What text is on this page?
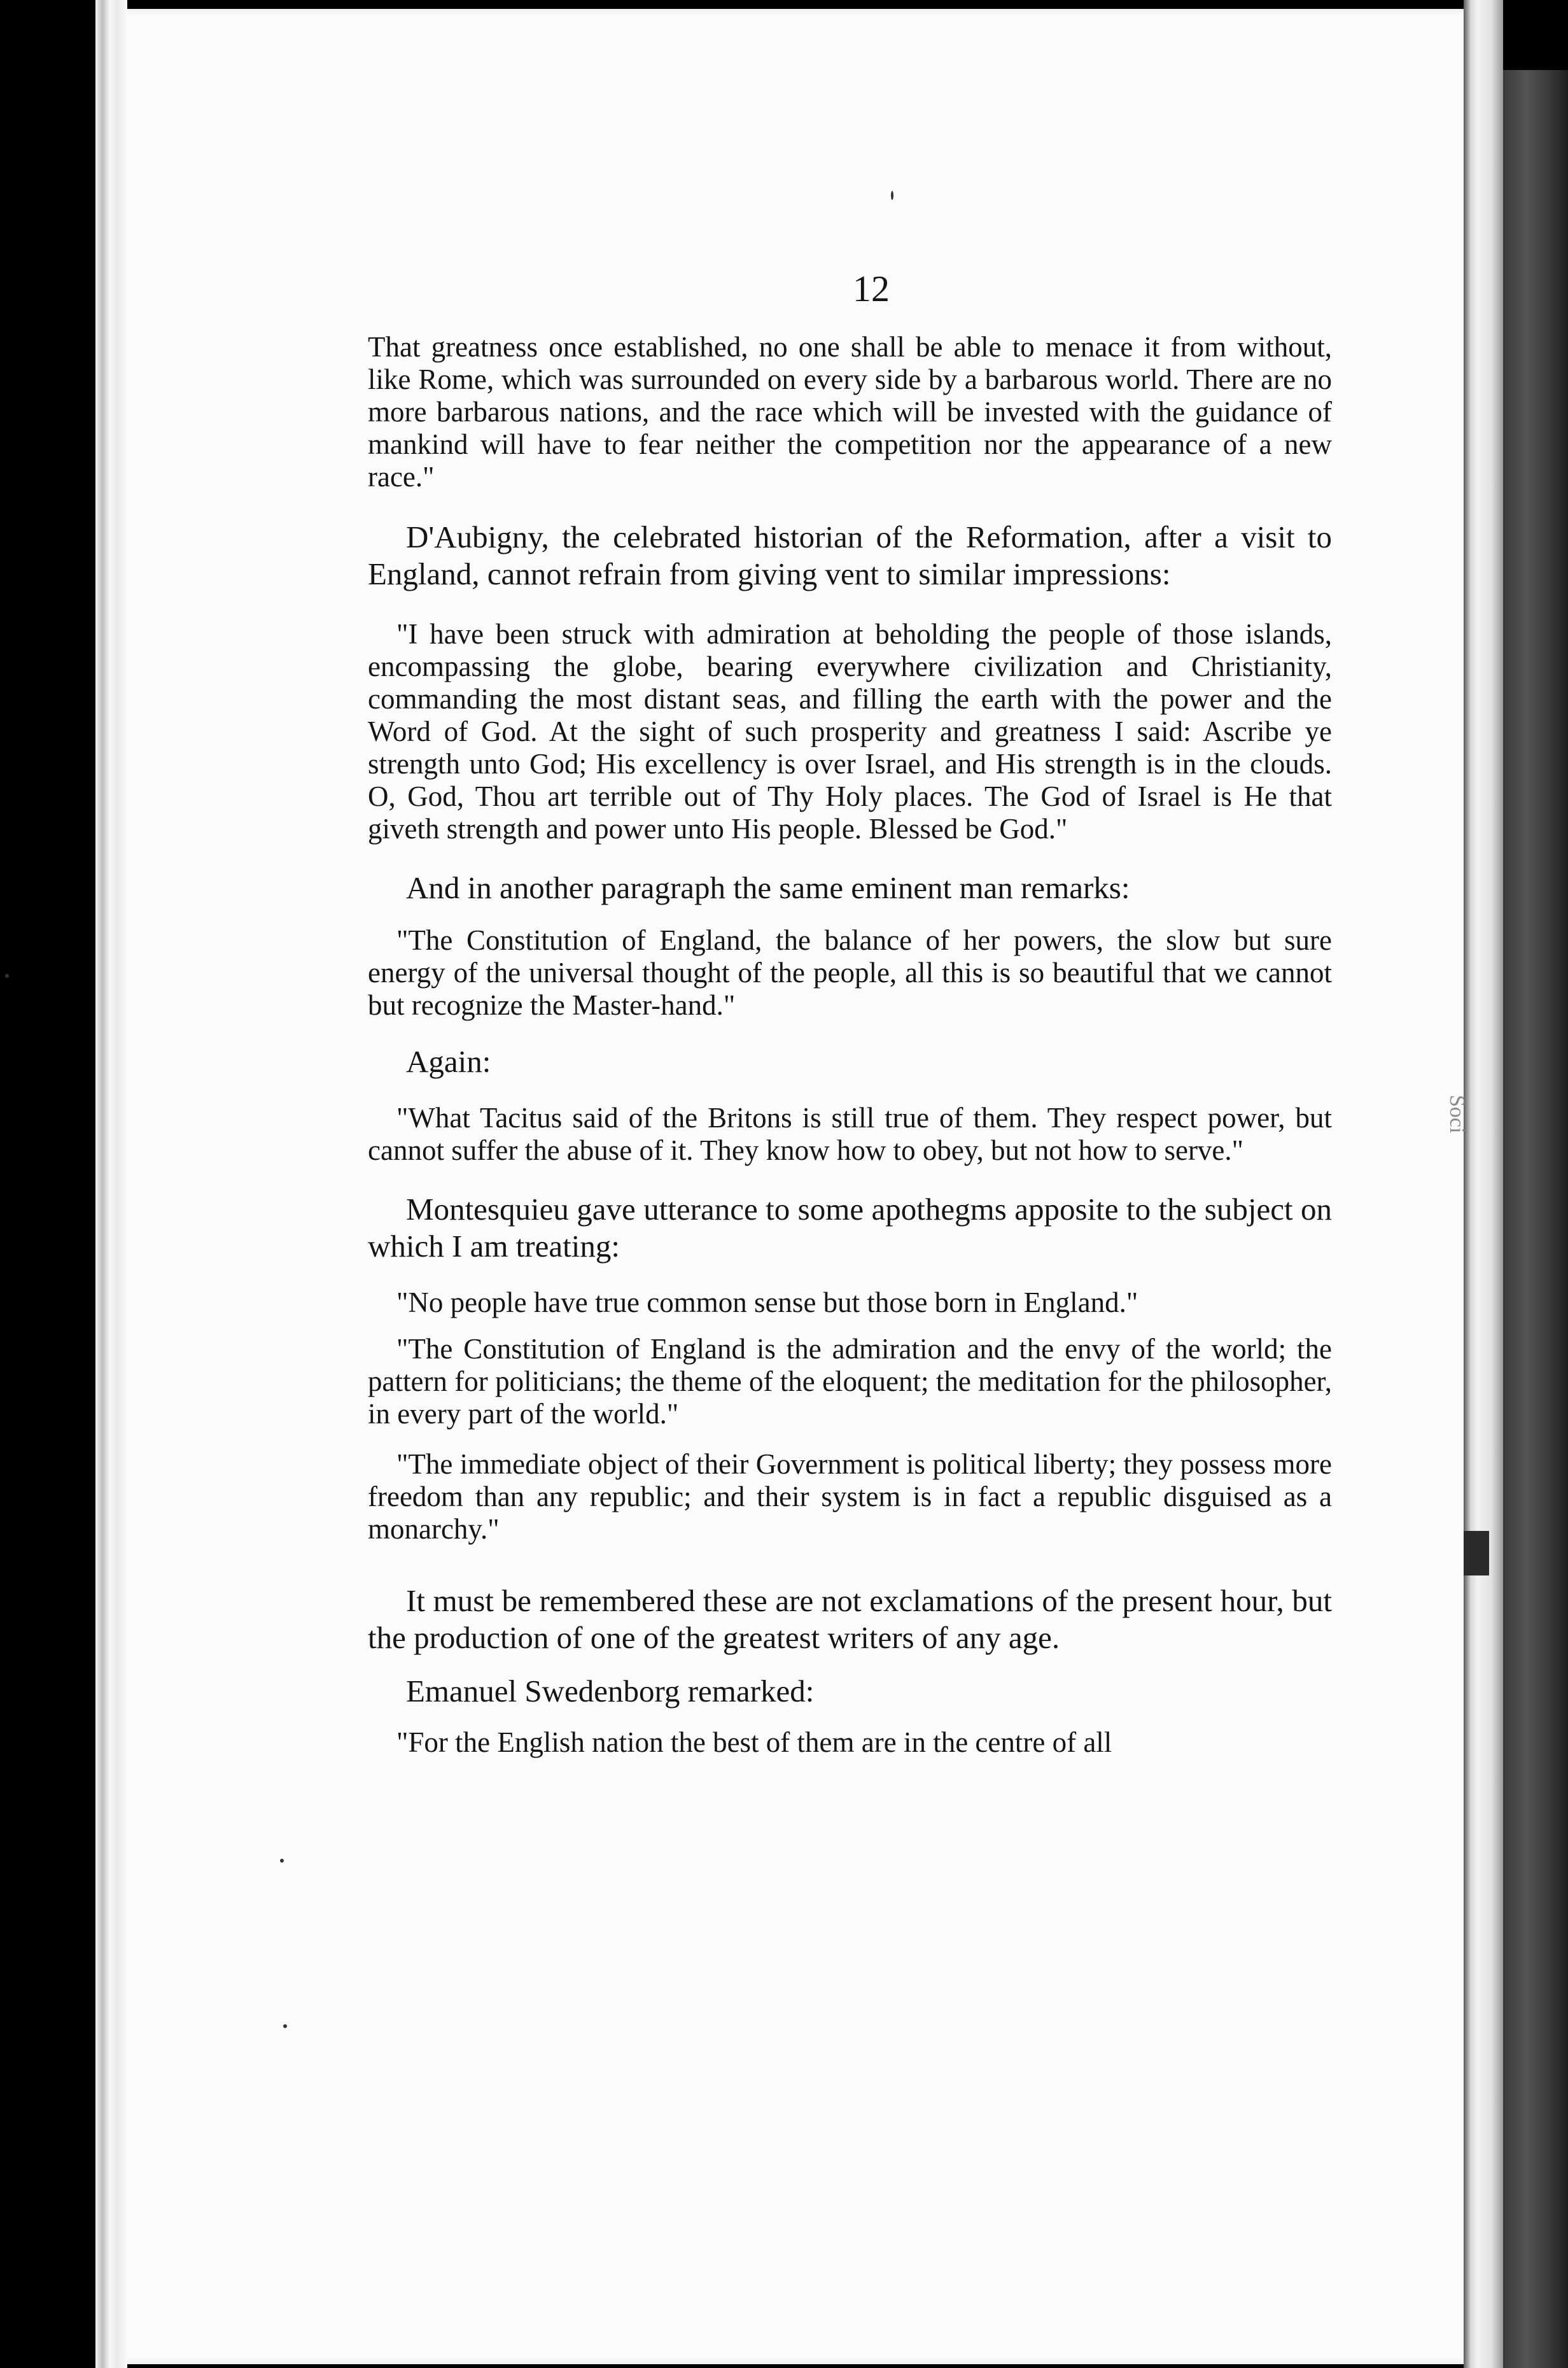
Soci
12

That greatness once established, no one shall be able to menace it from without, like Rome, which was surrounded on every side by a barbarous world. There are no more barbarous nations, and the race which will be invested with the guidance of mankind will have to fear neither the competition nor the appearance of a new race."

D'Aubigny, the celebrated historian of the Reformation, after a visit to England, cannot refrain from giving vent to similar impressions:

"I have been struck with admiration at beholding the people of those islands, encompassing the globe, bearing everywhere civilization and Christianity, commanding the most distant seas, and filling the earth with the power and the Word of God. At the sight of such prosperity and greatness I said: Ascribe ye strength unto God; His excellency is over Israel, and His strength is in the clouds. O, God, Thou art terrible out of Thy Holy places. The God of Israel is He that giveth strength and power unto His people. Blessed be God."

And in another paragraph the same eminent man remarks:

"The Constitution of England, the balance of her powers, the slow but sure energy of the universal thought of the people, all this is so beautiful that we cannot but recognize the Master-hand."

Again:

"What Tacitus said of the Britons is still true of them. They respect power, but cannot suffer the abuse of it. They know how to obey, but not how to serve."

Montesquieu gave utterance to some apothegms apposite to the subject on which I am treating:

"No people have true common sense but those born in England."

"The Constitution of England is the admiration and the envy of the world; the pattern for politicians; the theme of the eloquent; the meditation for the philosopher, in every part of the world."

"The immediate object of their Government is political liberty; they possess more freedom than any republic; and their system is in fact a republic disguised as a monarchy."

It must be remembered these are not exclamations of the present hour, but the production of one of the greatest writers of any age.

Emanuel Swedenborg remarked:

"For the English nation the best of them are in the centre of all
